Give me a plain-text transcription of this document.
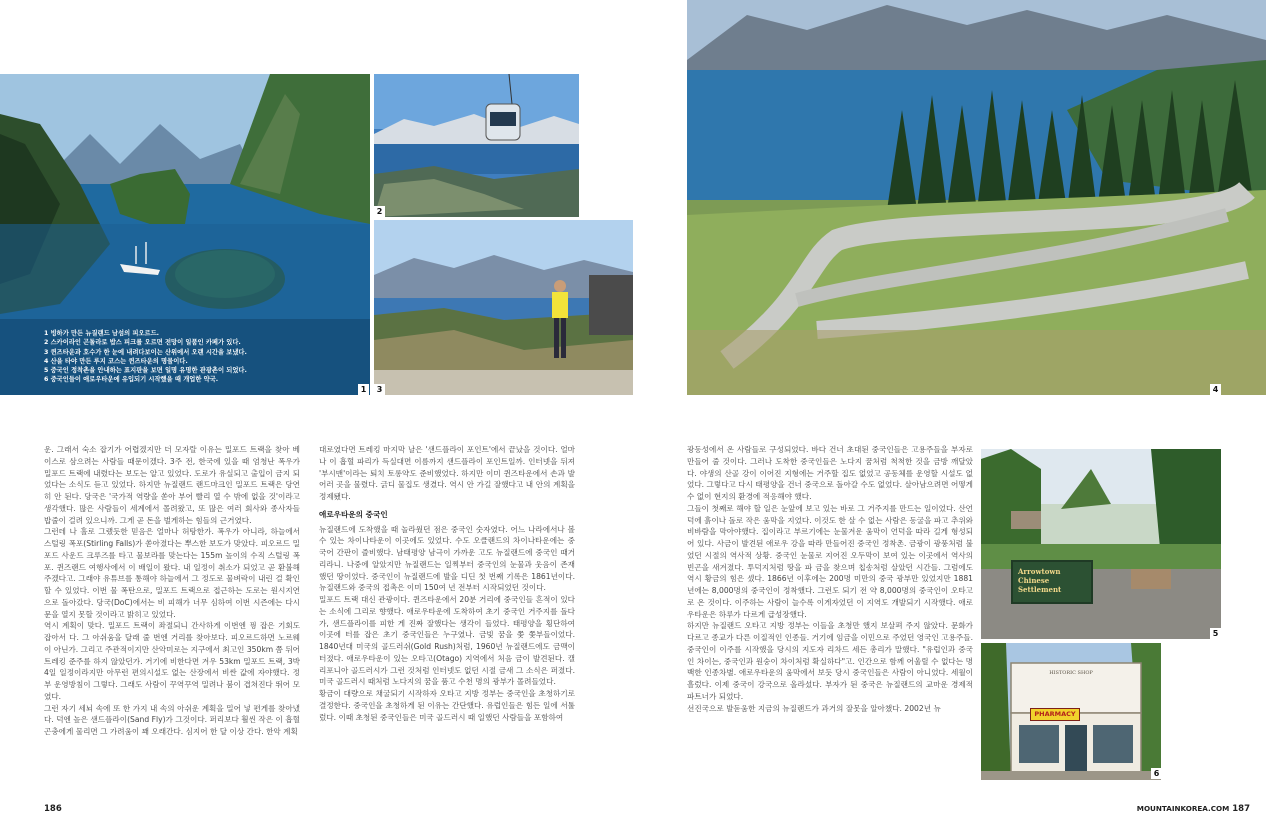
1 빙하가 만든 뉴질랜드 남섬의 피오르드.
2 스카이라인 곤돌라로 밥스 피크를 오르면 전망이 일품인 카페가 있다.
3 퀸즈타운과 호수가 한 눈에 내려다보이는 산위에서 오랜 시간을 보냈다.
4 산을 타야 만든 루지 코스는 퀸즈타운의 명물이다.
5 중국인 정착촌을 안내하는 표지판을 보면 일명 유명한 관광촌이 되었다.
6 중국인들이 애로우타운에 유입되기 시작했을 때 개업한 약국.
1
2
3	4
Arrowtown Chinese Settlement
5
HISTORIC SHOP
PHARMACY
6

운. 그래서 숙소 잡기가 어렵겠지만 더 모자랄 이유는 밀포드 트랙을 찾아 베이스로 삼으려는 사람들 때문이겠다. 3주 전, 한국에 있을 때 엄청난 폭우가 밀포드 트랙에 내렸다는 보도는 알고 있었다. 도로가 유실되고 출입이 금지 되었다는 소식도 듣고 있었다. 하지만 뉴질랜드 랜드마크인 밀포드 트랙은 당연히 안 된다. 당국은 '국가적 역량을 쏟아 부어 빨리 열 수 밖에 없을 것'이라고 생각했다. 많은 사람들이 세계에서 몰려왔고, 또 많은 여러 회사와 종사자들 밥줄이 걸려 있으니까. 그게 곧 돈을 벌게하는 힘들의 근거였다.

그런데 나 홀로 그랬듯한 믿음은 얼마나 허탕한가. 폭우가 아니라, 하늘에서 스털링 폭포(Stirling Falls)가 쏟아졌다는 뿌스한 보도가 맞았다. 피오르드 밀포드 사운드 크루즈를 타고 물보라를 맞는다는 155m 높이의 수직 스털링 폭포. 퀸즈랜드 여행사에서 이 배일이 왔다. 내 일정이 취소가 되었고 곧 환불해 주겠다고. 그래야 유튜브를 통해야 하늘에서 그 정도로 물벼락이 내린 걸 확인할 수 있었다. 이번 물 폭탄으로, 밀포드 트랙으로 접근하는 도로는 원시지연으로 돌아갔다. 당국(DoC)에서는 비 피해가 너무 심하여 이번 시즌에는 다시 문을 열지 못할 것이라고 밝히고 있었다.

역시 계획이 맞다. 밀포드 트랙이 좌절되니 간사하게 이번엔 꿩 잡은 기회도 잡아서 다. 그 아쉬움을 달래 줄 번엔 거리를 찾아보다. 피오르드하면 노르웨이 아닌가. 그리고 주관적이지만 산악미로는 지구에서 최고인 350km 쯤 뒤어 트레킹 준주를 하지 않았던가. 거기에 비한다면 겨우 53km 밀포드 트랙, 3박 4일 일정이라지만 아무런 편의시설도 없는 산장에서 비싼 값에 자야했다. 정부 운영방침이 그렇다. 그래도 사람이 꾸역꾸역 밀려나 붐이 겹쳐진다 뛰어 모였다.

그런 자기 세뇌 속에 또 한 가지 내 속의 아쉬운 계획을 밀어 넣 편게를 찾아냈다. 덕엔 높은 샌드플라이(Sand Fly)가 그것이다. 퍼리보다 훨씬 작은 이 흡혈 곤충에게 물리면 그 가려움이 꽤 오래간다. 심지어 한 달 이상 간다. 한악 계획

대로였다면 트레킹 마지막 날은 '샌드플라이 포인트'에서 끝났을 것이다. 얼마나 이 흡혈 파리가 득실대면 이름까지 샌드플라이 포인트일까. 인터넷을 뒤져 '부시맨'이라는 퇴치 토롱약도 준비했었다. 하지만 이미 퀸즈타운에서 손과 발어러 곳을 물렸다. 긁디 물집도 생겼다. 역시 안 가길 잘했다고 내 안의 계획을 정제됐다.

애로우타운의 중국인

뉴질랜드에 도착했을 때 놀라웠던 점은 중국인 숫자였다. 어느 나라에서나 볼 수 있는 차이나타운이 이곳에도 있었다. 수도 오클랜드의 차이나타운에는 중국어 간판이 즐비했다. 남태평양 남극이 가까운 고도 뉴질랜드에 중국인 때거리라니. 나중에 알았지만 뉴질랜드는 일찍부터 중국인의 눈물과 웃음이 존재했던 땅이었다. 중국인이 뉴질랜드에 발을 디딘 첫 번째 기록은 1861년이다. 뉴질랜드와 중국의 접촉은 이미 150여 년 전부터 시작되었던 것이다.

밀포드 트랙 대신 관광이다. 퀸즈타운에서 20분 거리에 중국인들 흔적이 있다는 소식에 그리로 향했다. 애로우타운에 도착하여 초기 중국인 거주지를 돌다가, 샌드플라이를 피한 게 진짜 잘했다는 생각이 들었다. 태평양을 횡단하여 이곳에 터를 잡은 초기 중국인들은 누구였나. 금빛 꿈을 쫓 쫓부들이었다. 1840년대 미국의 골드러쉬(Gold Rush)처럼, 1960년 뉴질랜드에도 금맥이 터졌다. 애로우타운이 있는 오타고(Otago) 지역에서 처음 금이 발견된다. 캘리포니아 골드러시가 그런 것처럼 인터넷도 없던 시절 금새 그 소식은 퍼졌다. 미국 골드러시 때처럼 노다지의 꿈을 품고 수천 명의 광부가 몰려들었다.

황금이 대량으로 채굴되기 시작하자 오타고 지방 정부는 중국인을 초청하기로 결정한다. 중국인을 초청하게 된 이유는 간단했다. 유럽인들은 힘든 일에 서툴렀다. 이때 초청된 중국인들은 미국 골드러시 때 일했던 사람들을 포함하여

광동성에서 온 사람들로 구성되었다. 바다 건너 초대된 중국인들은 고용주들을 부자로 만들어 줄 것이다. 그러나 도착한 중국인들은 노다지 꿈처럼 척척한 것을 금방 깨달았다. 야생의 산골 강이 이어진 지형에는 거주할 집도 없었고 공동체를 운영할 시설도 없었다. 그렇다고 다시 태평양을 건너 중국으로 돌아갈 수도 없었다. 살아남으려면 어떻게 수 없이 현지의 환경에 적응해야 했다.

그들이 첫째로 해야 할 일은 눈앞에 보고 있는 바로 그 거주지를 만드는 일이었다. 산언덕에 흙이나 돌로 작은 움막을 지었다. 이것도 한 살 수 없는 사람은 동굴을 파고 추위와 비바람을 막아야했다. 집이라고 부르기에는 눈물겨운 움막이 언덕을 따라 길게 형성되어 있다. 사금이 발견된 애로우 강을 따라 만들어진 중국인 정착촌. 금광이 광풍처럼 불었던 시절의 역사적 상황. 중국인 눈물로 지어진 오두막이 보여 있는 이곳에서 역사의 빈곤을 새겨졌다. 투덕지처럼 땅을 파 금을 찾으며 칩송처럼 살았던 시간들. 그럼에도 역시 황금의 힘은 셌다. 1866년 이후에는 200명 미만의 중국 광부만 있었지만 1881년에는 8,000명의 중국인이 정착했다. 그런도 되기 전 약 8,000명의 중국인이 오타고로 온 것이다. 이주하는 사람이 늘수록 이게자었던 이 지역도 개발되기 시작했다. 애로우타운은 하루가 다르게 급성장했다.

하지만 뉴질랜드 오타고 지방 정부는 이들을 초청만 했지 보살펴 주지 않았다. 문화가 다르고 종교가 다른 이질적인 인종들. 거기에 임금을 이민으로 주었던 영국인 고용주들. 중국인이 이주를 시작했을 당시의 지도자 리차드 세든 총리가 말했다. "유럽인과 중국인 차이는, 중국인과 원숭이 차이처럼 확실하다"고. 인간으로 함께 어울릴 수 없다는 명백한 인종차별. 애로우타운의 움막에서 보듯 당시 중국인들은 사람이 아니었다. 세월이 흘렀다. 이제 중국이 강국으로 올라섰다. 부자가 된 중국은 뉴질랜드의 교마운 경제적 파트너가 되었다.

선진국으로 발돋움한 지금의 뉴질랜드가 과거의 잘못을 알아챘다. 2002년 뉴

186	MOUNTAINKOREA.COM 187
